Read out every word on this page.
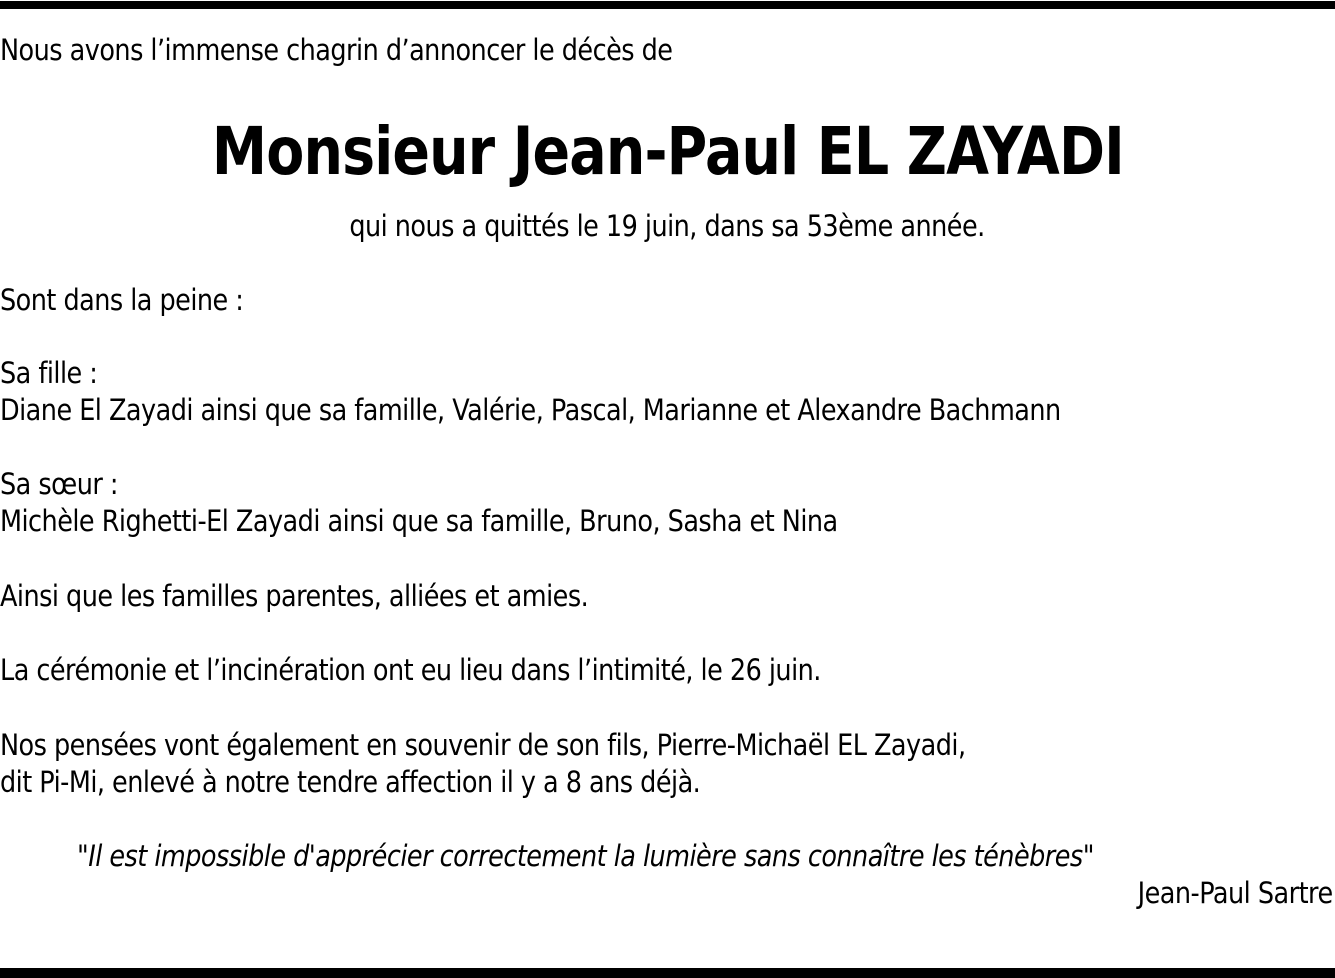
Nous avons l’immense chagrin d’annoncer le décès de
Monsieur Jean-Paul EL ZAYADI
qui nous a quittés le 19 juin, dans sa 53ème année.
Sont dans la peine :
Sa fille :
Diane El Zayadi ainsi que sa famille, Valérie, Pascal, Marianne et Alexandre Bachmann
Sa sœur :
Michèle Righetti-El Zayadi ainsi que sa famille, Bruno, Sasha et Nina
Ainsi que les familles parentes, alliées et amies.
La cérémonie et l’incinération ont eu lieu dans l’intimité, le 26 juin.
Nos pensées vont également en souvenir de son fils, Pierre-Michaël EL Zayadi,
dit Pi-Mi, enlevé à notre tendre affection il y a 8 ans déjà.
"Il est impossible d'apprécier correctement la lumière sans connaître les ténèbres"
Jean-Paul Sartre
